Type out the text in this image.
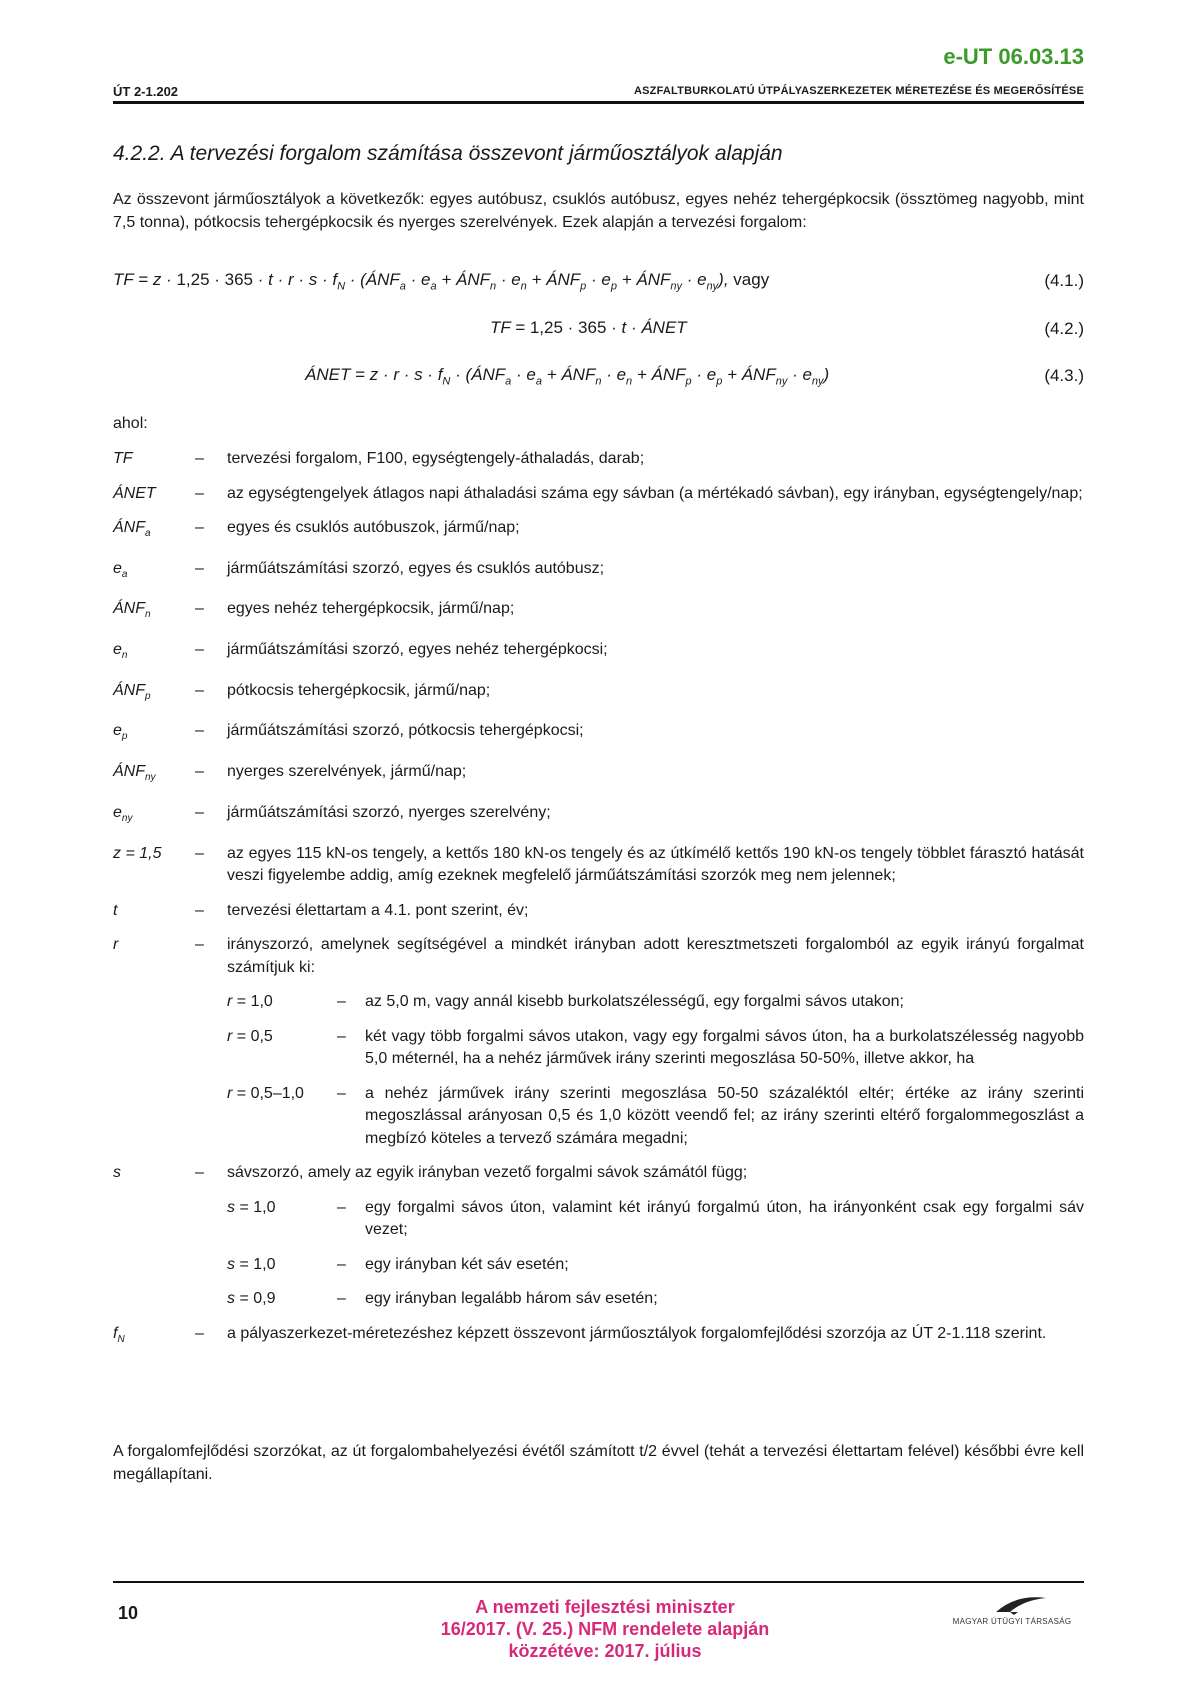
e-UT 06.03.13
ÚT 2-1.202	ASZFALTBURKOLATÚ ÚTPÁLYASZERKEZETEK MÉRETEZÉSE ÉS MEGERŐSÍTÉSE
4.2.2. A tervezési forgalom számítása összevont járműosztályok alapján
Az összevont járműosztályok a következők: egyes autóbusz, csuklós autóbusz, egyes nehéz tehergépkocsik (össztömeg nagyobb, mint 7,5 tonna), pótkocsis tehergépkocsik és nyerges szerelvények. Ezek alapján a tervezési forgalom:
TF = $z \cdot 1,25 \cdot 365 \cdot t \cdot r \cdot s \cdot f_N$ · ($ÁNF_a \cdot e_a$ + $ÁNF_n \cdot e_n$ + $ÁNF_p \cdot e_p$ + $ÁNF_{ny} \cdot e_{ny}$), vagy	(4.1.)
TF = 1,25 · 365 · t · ÁNET	(4.2.)
ÁNET = $z \cdot r \cdot s \cdot f_N$ · ($ÁNF_a \cdot e_a$ + $ÁNF_n \cdot e_n$ + $ÁNF_p \cdot e_p$ + $ÁNF_{ny} \cdot e_{ny}$)	(4.3.)
ahol:
TF	–	tervezési forgalom, F100, egységtengely-áthaladás, darab;
ÁNET	–	az egységtengelyek átlagos napi áthaladási száma egy sávban (a mértékadó sávban), egy irányban, egységtengely/nap;
$ÁNF_a$	–	egyes és csuklós autóbuszok, jármű/nap;
$e_a$	–	járműátszámítási szorzó, egyes és csuklós autóbusz;
$ÁNF_n$	–	egyes nehéz tehergépkocsik, jármű/nap;
$e_n$	–	járműátszámítási szorzó, egyes nehéz tehergépkocsi;
$ÁNF_p$	–	pótkocsis tehergépkocsik, jármű/nap;
$e_p$	–	járműátszámítási szorzó, pótkocsis tehergépkocsi;
$ÁNF_{ny}$	–	nyerges szerelvények, jármű/nap;
$e_{ny}$	–	járműátszámítási szorzó, nyerges szerelvény;
z = 1,5	–	az egyes 115 kN-os tengely, a kettős 180 kN-os tengely és az útkímélő kettős 190 kN-os tengely többlet fárasztó hatását veszi figyelembe addig, amíg ezeknek megfelelő járműátszámítási szorzók meg nem jelennek;
t	–	tervezési élettartam a 4.1. pont szerint, év;
r	–	irányszorzó, amelynek segítségével a mindkét irányban adott keresztmetszeti forgalomból az egyik irányú forgalmat számítjuk ki:
r = 1,0	–	az 5,0 m, vagy annál kisebb burkolatszélességű, egy forgalmi sávos utakon;
r = 0,5	–	két vagy több forgalmi sávos utakon, vagy egy forgalmi sávos úton, ha a burkolatszélesség nagyobb 5,0 méternél, ha a nehéz járművek irány szerinti megoszlása 50-50%, illetve akkor, ha
r = 0,5–1,0	–	a nehéz járművek irány szerinti megoszlása 50-50 százaléktól eltér; értéke az irány szerinti megoszlással arányosan 0,5 és 1,0 között veendő fel; az irány szerinti eltérő forgalommegoszlást a megbízó köteles a tervező számára megadni;
s	–	sávszorzó, amely az egyik irányban vezető forgalmi sávok számától függ;
s = 1,0	–	egy forgalmi sávos úton, valamint két irányú forgalmú úton, ha irányonként csak egy forgalmi sáv vezet;
s = 1,0	–	egy irányban két sáv esetén;
s = 0,9	–	egy irányban legalább három sáv esetén;
$f_N$	–	a pályaszerkezet-méretezéshez képzett összevont járműosztályok forgalomfejlődési szorzója az ÚT 2-1.118 szerint.
A forgalomfejlődési szorzókat, az út forgalombahelyezési évétől számított t/2 évvel (tehát a tervezési élettartam felével) későbbi évre kell megállapítani.
10	A nemzeti fejlesztési miniszter
16/2017. (V. 25.) NFM rendelete alapján
közzétéve: 2017. július
MAGYAR ÚTÜGYI TÁRSASÁG
